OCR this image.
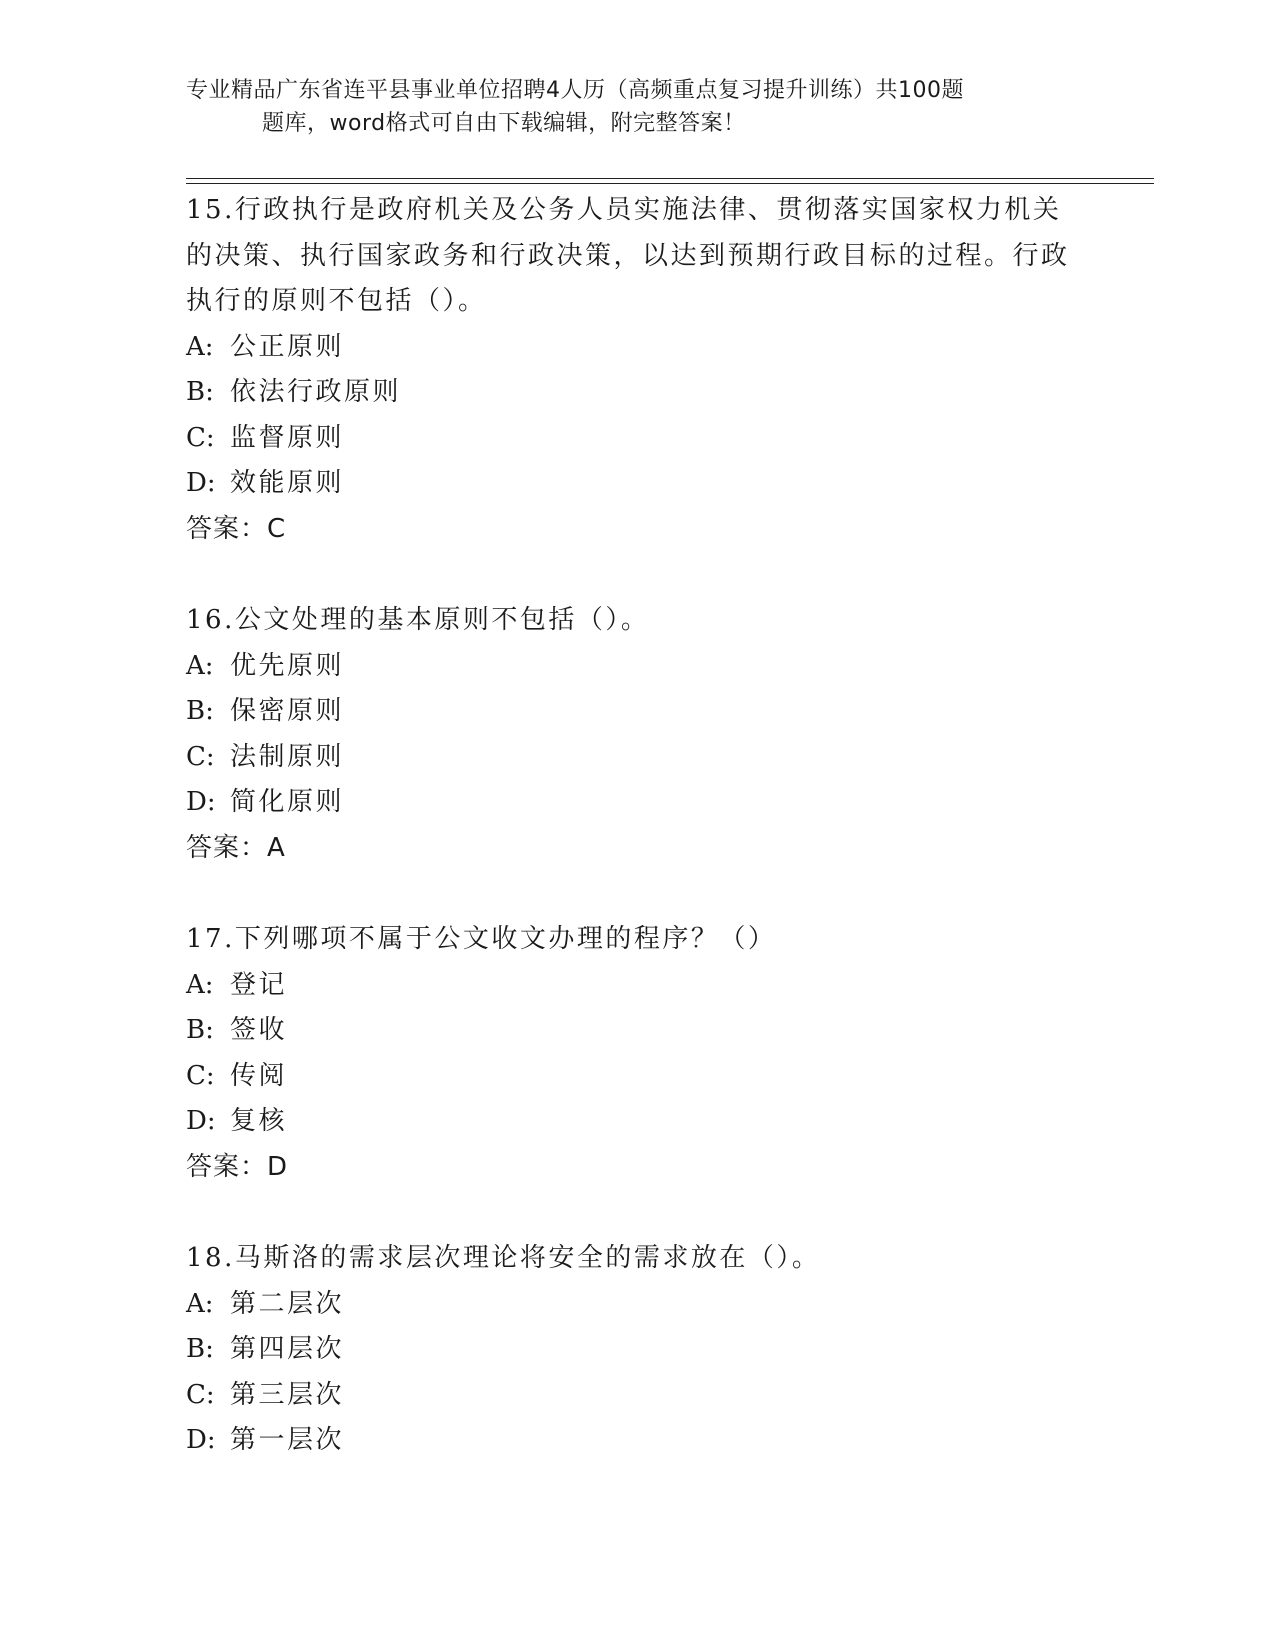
专业精品广东省连平县事业单位招聘4人历（高频重点复习提升训练）共100题
题库，word格式可自由下载编辑，附完整答案！

15.行政执行是政府机关及公务人员实施法律、贯彻落实国家权力机关的决策、执行国家政务和行政决策，以达到预期行政目标的过程。行政执行的原则不包括（）。

A: 公正原则
B: 依法行政原则
C: 监督原则
D: 效能原则
答案：C

16.公文处理的基本原则不包括（）。

A: 优先原则
B: 保密原则
C: 法制原则
D: 简化原则
答案：A

17.下列哪项不属于公文收文办理的程序？（）

A: 登记
B: 签收
C: 传阅
D: 复核
答案：D

18.马斯洛的需求层次理论将安全的需求放在（）。

A: 第二层次
B: 第四层次
C: 第三层次
D: 第一层次
